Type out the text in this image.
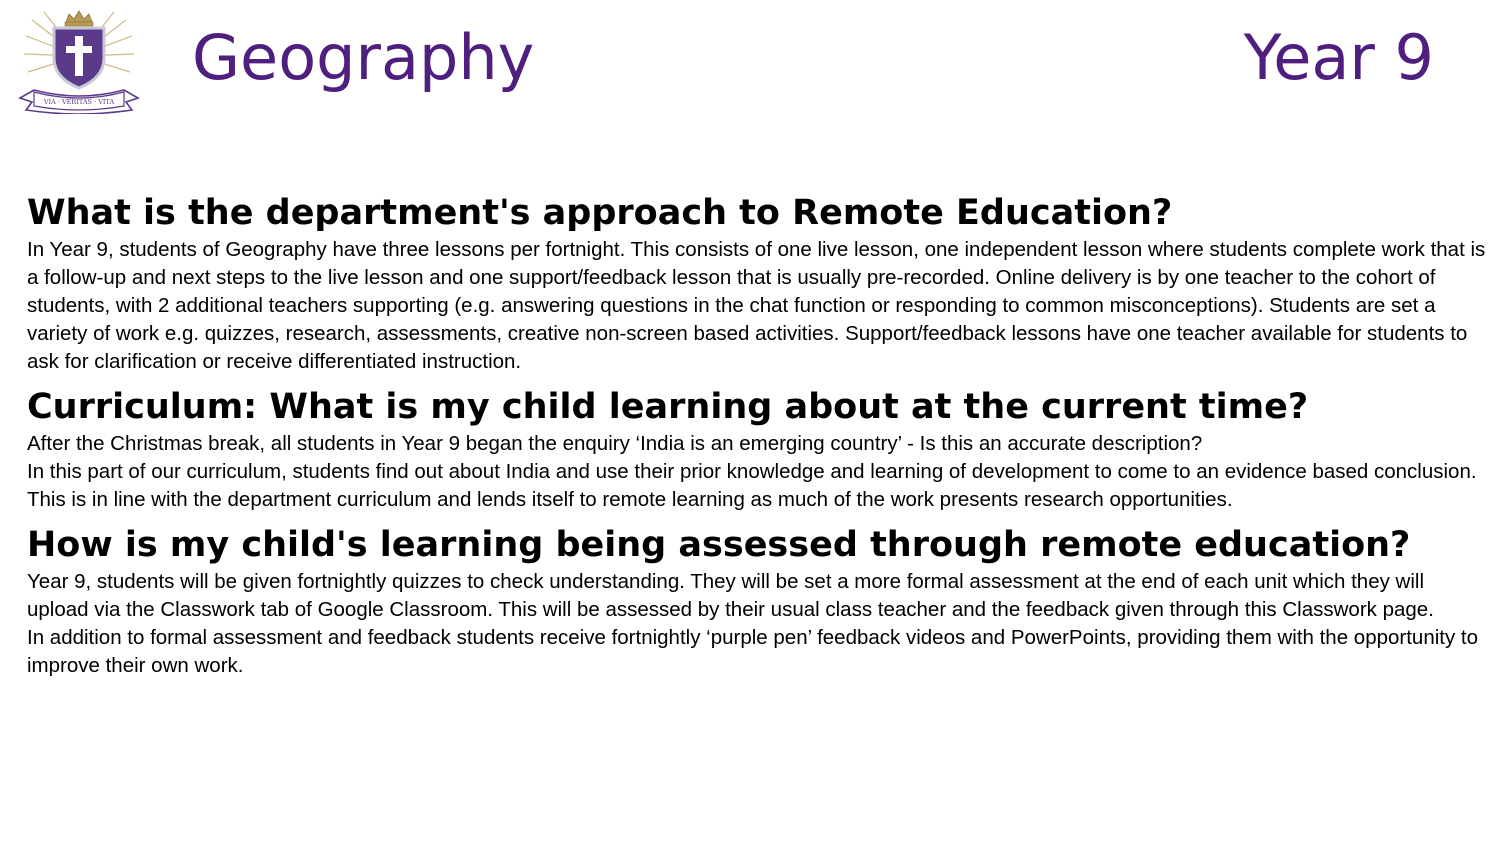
VIA · VERITAS · VITA
Geography	Year 9
What is the department's approach to Remote Education?

In Year 9, students of Geography have three lessons per fortnight. This consists of one live lesson, one independent lesson where students complete work that is a follow-up and next steps to the live lesson and one support/feedback lesson that is usually pre-recorded. Online delivery is by one teacher to the cohort of students, with 2 additional teachers supporting (e.g. answering questions in the chat function or responding to common misconceptions). Students are set a variety of work e.g. quizzes, research, assessments, creative non-screen based activities. Support/feedback lessons have one teacher available for students to ask for clarification or receive differentiated instruction.

Curriculum: What is my child learning about at the current time?

After the Christmas break, all students in Year 9 began the enquiry ‘India is an emerging country’ - Is this an accurate description?

In this part of our curriculum, students find out about India and use their prior knowledge and learning of development to come to an evidence based conclusion. This is in line with the department curriculum and lends itself to remote learning as much of the work presents research opportunities.

How is my child's learning being assessed through remote education?

Year 9, students will be given fortnightly quizzes to check understanding. They will be set a more formal assessment at the end of each unit which they will upload via the Classwork tab of Google Classroom. This will be assessed by their usual class teacher and the feedback given through this Classwork page.

In addition to formal assessment and feedback students receive fortnightly ‘purple pen’ feedback videos and PowerPoints, providing them with the opportunity to improve their own work.
